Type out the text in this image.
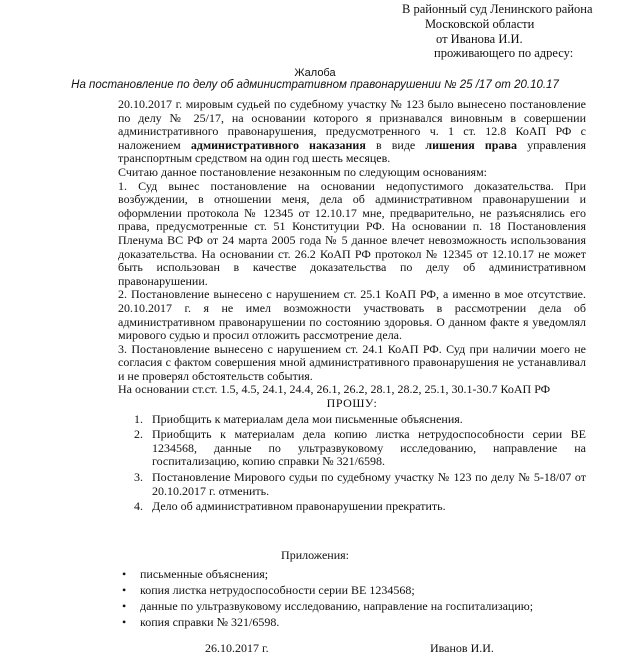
В районный суд Ленинского района
Московской области
от Иванова И.И.
проживающего по адресу:
Жалоба
На постановление по делу об административном правонарушении № 25 /17 от 20.10.17

20.10.2017 г. мировым судьей по судебному участку № 123 было вынесено постановление по делу № 25/17, на основании которого я признавался виновным в совершении административного правонарушения, предусмотренного ч. 1 ст. 12.8 КоАП РФ с наложением административного наказания в виде лишения права управления транспортным средством на один год шесть месяцев.

Считаю данное постановление незаконным по следующим основаниям:

1. Суд вынес постановление на основании недопустимого доказательства. При возбуждении, в отношении меня, дела об административном правонарушении и оформлении протокола № 12345 от 12.10.17 мне, предварительно, не разъяснялись его права, предусмотренные ст. 51 Конституции РФ. На основании п. 18 Постановления Пленума ВС РФ от 24 марта 2005 года № 5 данное влечет невозможность использования доказательства. На основании ст. 26.2 КоАП РФ протокол № 12345 от 12.10.17 не может быть использован в качестве доказательства по делу об административном правонарушении.

2. Постановление вынесено с нарушением ст. 25.1 КоАП РФ, а именно в мое отсутствие. 20.10.2017 г. я не имел возможности участвовать в рассмотрении дела об административном правонарушении по состоянию здоровья. О данном факте я уведомлял мирового судью и просил отложить рассмотрение дела.

3. Постановление вынесено с нарушением ст. 24.1 КоАП РФ. Суд при наличии моего не согласия с фактом совершения мной административного правонарушения не устанавливал и не проверял обстоятельств события.

На основании ст.ст. 1.5, 4.5, 24.1, 24.4, 26.1, 26.2, 28.1, 28.2, 25.1, 30.1-30.7 КоАП РФ

ПРОШУ:

1. Приобщить к материалам дела мои письменные объяснения.
2. Приобщить к материалам дела копию листка нетрудоспособности серии ВЕ 1234568, данные по ультразвуковому исследованию, направление на госпитализацию, копию справки № 321/6598.
3. Постановление Мирового судьи по судебному участку № 123 по делу № 5-18/07 от 20.10.2017 г. отменить.
4. Дело об административном правонарушении прекратить.
Приложения:
• письменные объяснения;
• копия листка нетрудоспособности серии ВЕ 1234568;
• данные по ультразвуковому исследованию, направление на госпитализацию;
• копия справки № 321/6598.
26.10.2017 г.	Иванов И.И.
